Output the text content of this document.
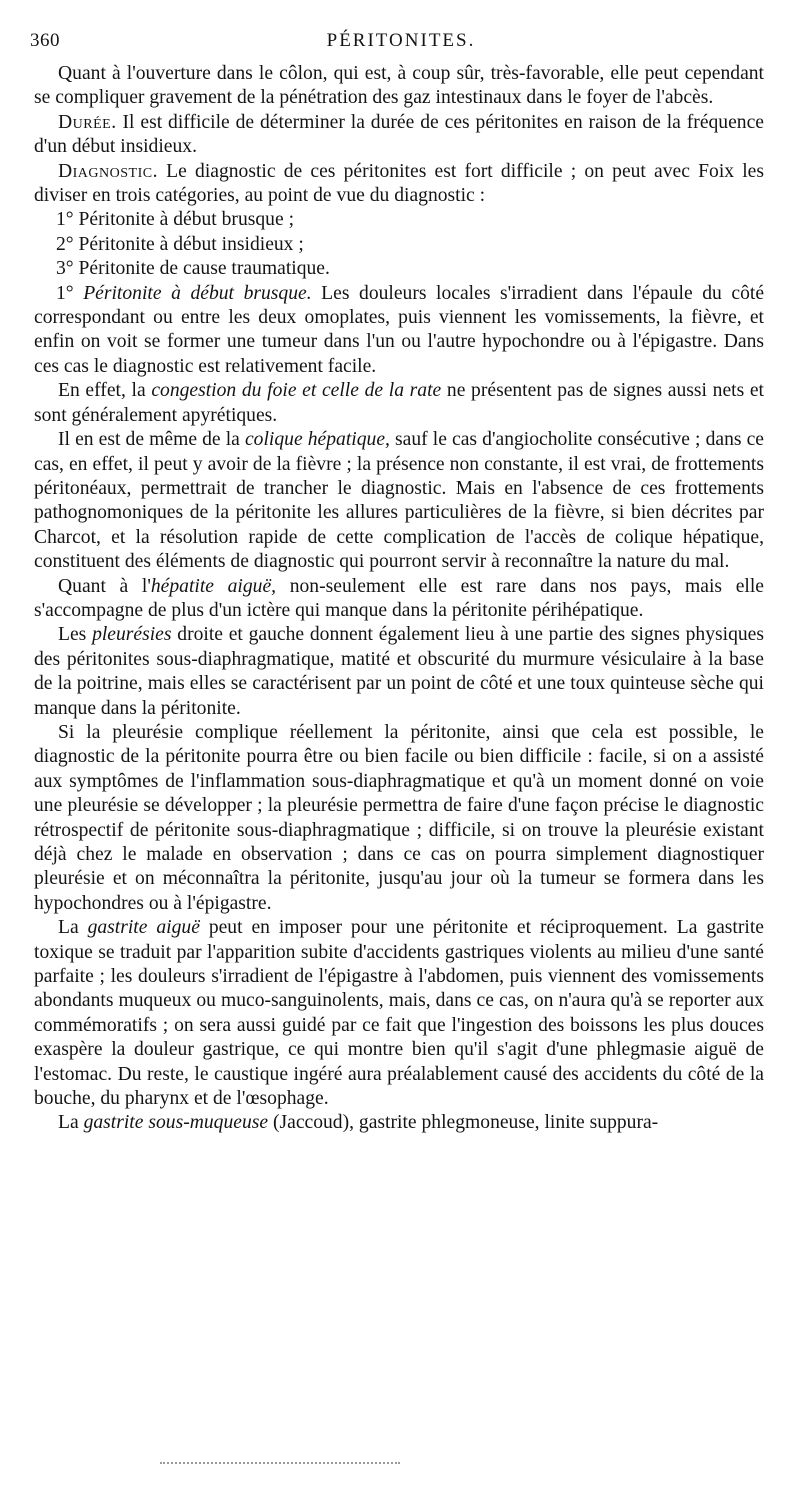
360	PÉRITONITES.

Quant à l'ouverture dans le côlon, qui est, à coup sûr, très-favorable, elle peut cependant se compliquer gravement de la pénétration des gaz intestinaux dans le foyer de l'abcès.

Durée. Il est difficile de déterminer la durée de ces péritonites en raison de la fréquence d'un début insidieux.

Diagnostic. Le diagnostic de ces péritonites est fort difficile ; on peut avec Foix les diviser en trois catégories, au point de vue du diagnostic :

1° Péritonite à début brusque ;

2° Péritonite à début insidieux ;

3° Péritonite de cause traumatique.

1° Péritonite à début brusque. Les douleurs locales s'irradient dans l'épaule du côté correspondant ou entre les deux omoplates, puis viennent les vomissements, la fièvre, et enfin on voit se former une tumeur dans l'un ou l'autre hypochondre ou à l'épigastre. Dans ces cas le diagnostic est relativement facile.

En effet, la congestion du foie et celle de la rate ne présentent pas de signes aussi nets et sont généralement apyrétiques.

Il en est de même de la colique hépatique, sauf le cas d'angiocholite consécutive ; dans ce cas, en effet, il peut y avoir de la fièvre ; la présence non constante, il est vrai, de frottements péritonéaux, permettrait de trancher le diagnostic. Mais en l'absence de ces frottements pathognomoniques de la péritonite les allures particulières de la fièvre, si bien décrites par Charcot, et la résolution rapide de cette complication de l'accès de colique hépatique, constituent des éléments de diagnostic qui pourront servir à reconnaître la nature du mal.

Quant à l'hépatite aiguë, non-seulement elle est rare dans nos pays, mais elle s'accompagne de plus d'un ictère qui manque dans la péritonite périhépatique.

Les pleurésies droite et gauche donnent également lieu à une partie des signes physiques des péritonites sous-diaphragmatique, matité et obscurité du murmure vésiculaire à la base de la poitrine, mais elles se caractérisent par un point de côté et une toux quinteuse sèche qui manque dans la péritonite.

Si la pleurésie complique réellement la péritonite, ainsi que cela est possible, le diagnostic de la péritonite pourra être ou bien facile ou bien difficile : facile, si on a assisté aux symptômes de l'inflammation sous-diaphragmatique et qu'à un moment donné on voie une pleurésie se développer ; la pleurésie permettra de faire d'une façon précise le diagnostic rétrospectif de péritonite sous-diaphragmatique ; difficile, si on trouve la pleurésie existant déjà chez le malade en observation ; dans ce cas on pourra simplement diagnostiquer pleurésie et on méconnaîtra la péritonite, jusqu'au jour où la tumeur se formera dans les hypochondres ou à l'épigastre.

La gastrite aiguë peut en imposer pour une péritonite et réciproquement. La gastrite toxique se traduit par l'apparition subite d'accidents gastriques violents au milieu d'une santé parfaite ; les douleurs s'irradient de l'épigastre à l'abdomen, puis viennent des vomissements abondants muqueux ou muco-sanguinolents, mais, dans ce cas, on n'aura qu'à se reporter aux commémoratifs ; on sera aussi guidé par ce fait que l'ingestion des boissons les plus douces exaspère la douleur gastrique, ce qui montre bien qu'il s'agit d'une phlegmasie aiguë de l'estomac. Du reste, le caustique ingéré aura préalablement causé des accidents du côté de la bouche, du pharynx et de l'œsophage.

La gastrite sous-muqueuse (Jaccoud), gastrite phlegmoneuse, linite suppura-
